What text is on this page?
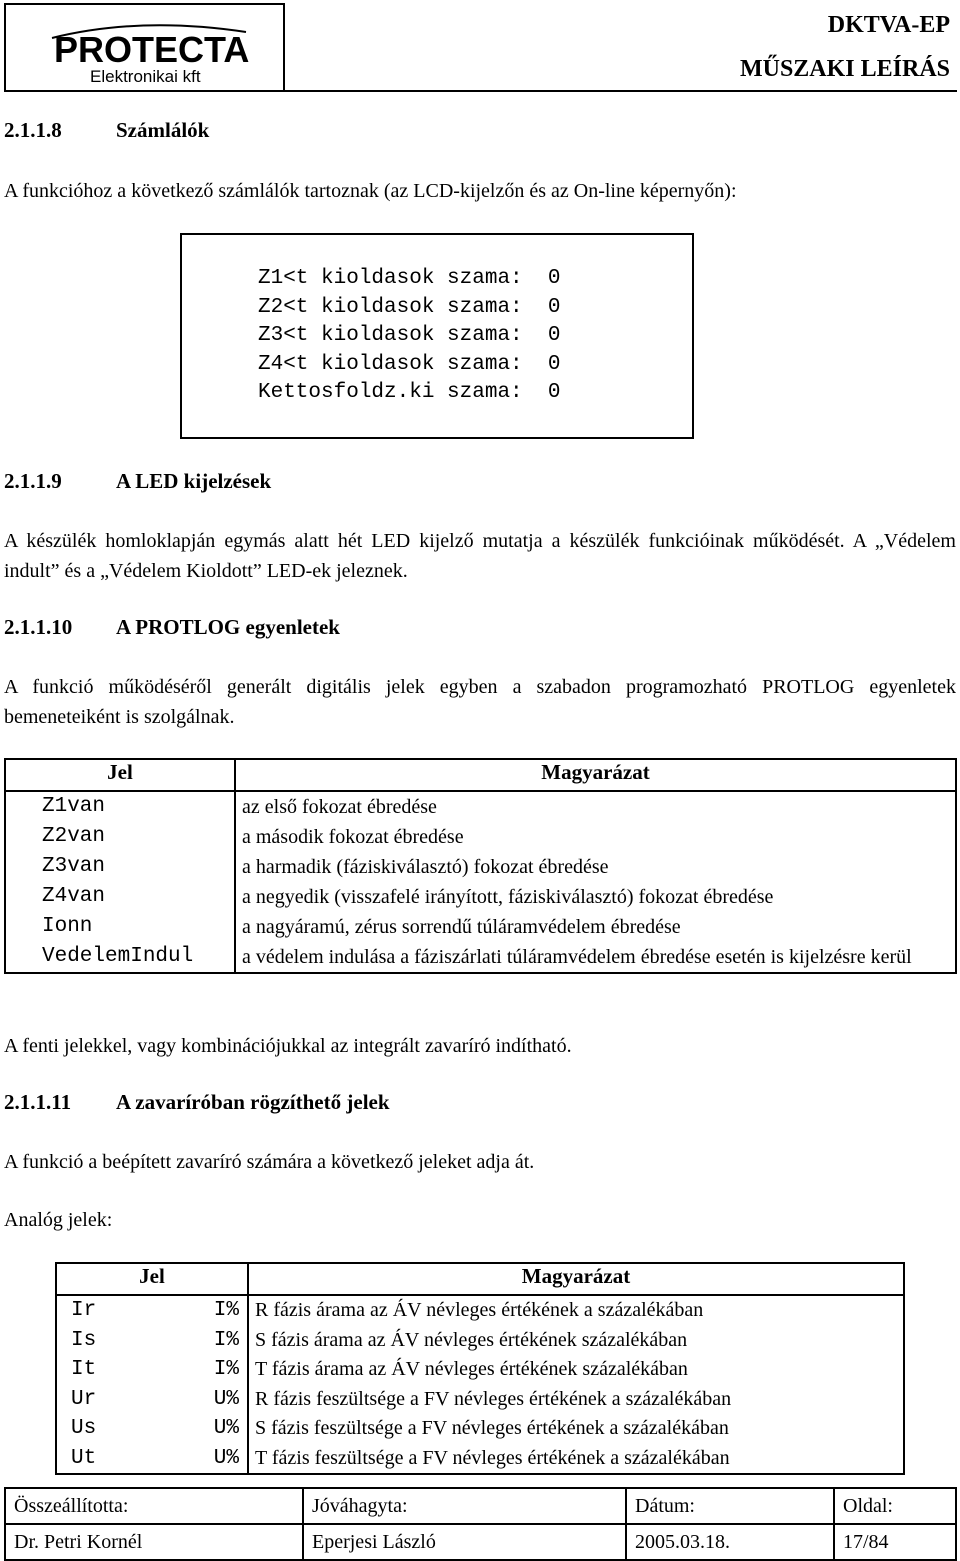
PROTECTA
Elektronikai kft
DKTVA-EP
MŰSZAKI LEÍRÁS
2.1.1.8	Számlálók

A funkcióhoz a következő számlálók tartoznak (az LCD-kijelzőn és az On-line képernyőn):

Z1<t kioldasok szama:  0
Z2<t kioldasok szama:  0
Z3<t kioldasok szama:  0
Z4<t kioldasok szama:  0
Kettosfoldz.ki szama:  0
2.1.1.9	A LED kijelzések

A készülék homloklapján egymás alatt hét LED kijelző mutatja a készülék funkcióinak működését. A „Védelem indult” és a „Védelem Kioldott” LED-ek jeleznek.

2.1.1.10 A PROTLOG egyenletek

A funkció működéséről generált digitális jelek egyben a szabadon programozható PROTLOG egyenletek bemeneteiként is szolgálnak.

Jel	Magyarázat
Z1van	az első fokozat ébredése
Z2van	a második fokozat ébredése
Z3van	a harmadik (fáziskiválasztó) fokozat ébredése
Z4van	a negyedik (visszafelé irányított, fáziskiválasztó) fokozat ébredése
Ionn	a nagyáramú, zérus sorrendű túláramvédelem ébredése
VedelemIndul	a védelem indulása a fáziszárlati túláramvédelem ébredése esetén is kijelzésre kerül

A fenti jelekkel, vagy kombinációjukkal az integrált zavaríró indítható.

2.1.1.11 A zavaríróban rögzíthető jelek

A funkció a beépített zavaríró számára a következő jeleket adja át.

Analóg jelek:

Jel	Magyarázat
Ir I%	R fázis árama az ÁV névleges értékének a százalékában
Is I%	S fázis árama az ÁV névleges értékének százalékában
It I%	T fázis árama az ÁV névleges értékének százalékában
Ur U%	R fázis feszültsége a FV névleges értékének a százalékában
Us U%	S fázis feszültsége a FV névleges értékének a százalékában
Ut U%	T fázis feszültsége a FV névleges értékének a százalékában
Összeállította:	Jóváhagyta:	Dátum:	Oldal:
Dr. Petri Kornél	Eperjesi László	2005.03.18.	17/84
